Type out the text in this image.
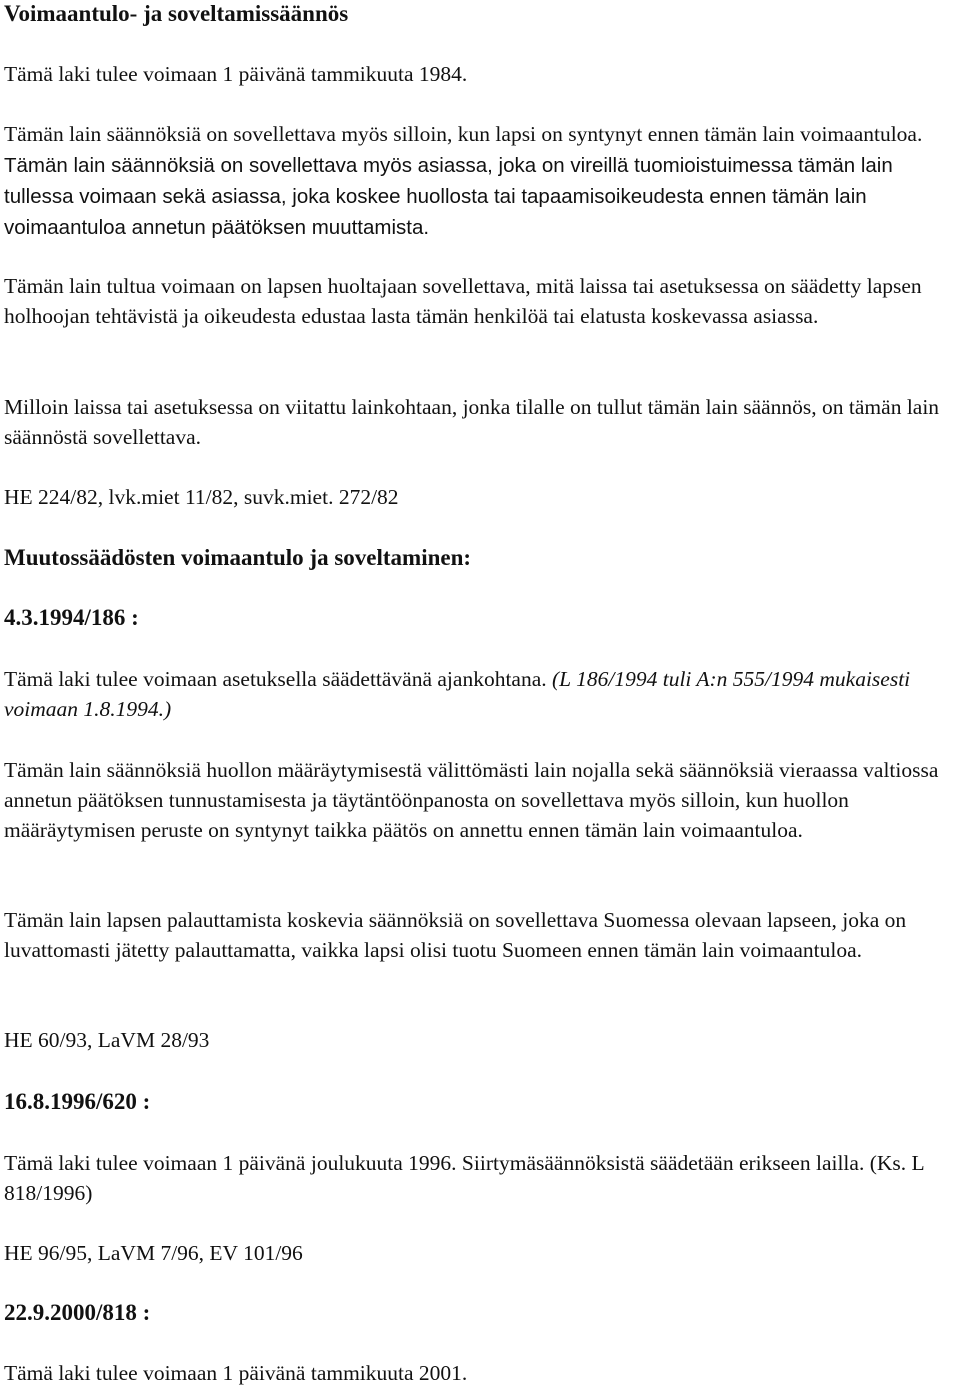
Voimaantulo- ja soveltamissäännös
Tämä laki tulee voimaan 1 päivänä tammikuuta 1984.
Tämän lain säännöksiä on sovellettava myös silloin, kun lapsi on syntynyt ennen tämän lain voimaantuloa. Tämän lain säännöksiä on sovellettava myös asiassa, joka on vireillä tuomioistuimessa tämän lain tullessa voimaan sekä asiassa, joka koskee huollosta tai tapaamisoikeudesta ennen tämän lain voimaantuloa annetun päätöksen muuttamista.
Tämän lain tultua voimaan on lapsen huoltajaan sovellettava, mitä laissa tai asetuksessa on säädetty lapsen holhoojan tehtävistä ja oikeudesta edustaa lasta tämän henkilöä tai elatusta koskevassa asiassa.
Milloin laissa tai asetuksessa on viitattu lainkohtaan, jonka tilalle on tullut tämän lain säännös, on tämän lain säännöstä sovellettava.
HE 224/82, lvk.miet 11/82, suvk.miet. 272/82
Muutossäädösten voimaantulo ja soveltaminen:
4.3.1994/186 :
Tämä laki tulee voimaan asetuksella säädettävänä ajankohtana. (L 186/1994 tuli A:n 555/1994 mukaisesti voimaan 1.8.1994.)
Tämän lain säännöksiä huollon määräytymisestä välittömästi lain nojalla sekä säännöksiä vieraassa valtiossa annetun päätöksen tunnustamisesta ja täytäntöönpanosta on sovellettava myös silloin, kun huollon määräytymisen peruste on syntynyt taikka päätös on annettu ennen tämän lain voimaantuloa.
Tämän lain lapsen palauttamista koskevia säännöksiä on sovellettava Suomessa olevaan lapseen, joka on luvattomasti jätetty palauttamatta, vaikka lapsi olisi tuotu Suomeen ennen tämän lain voimaantuloa.
HE 60/93, LaVM 28/93
16.8.1996/620 :
Tämä laki tulee voimaan 1 päivänä joulukuuta 1996. Siirtymäsäännöksistä säädetään erikseen lailla. (Ks. L 818/1996)
HE 96/95, LaVM 7/96, EV 101/96
22.9.2000/818 :
Tämä laki tulee voimaan 1 päivänä tammikuuta 2001.
